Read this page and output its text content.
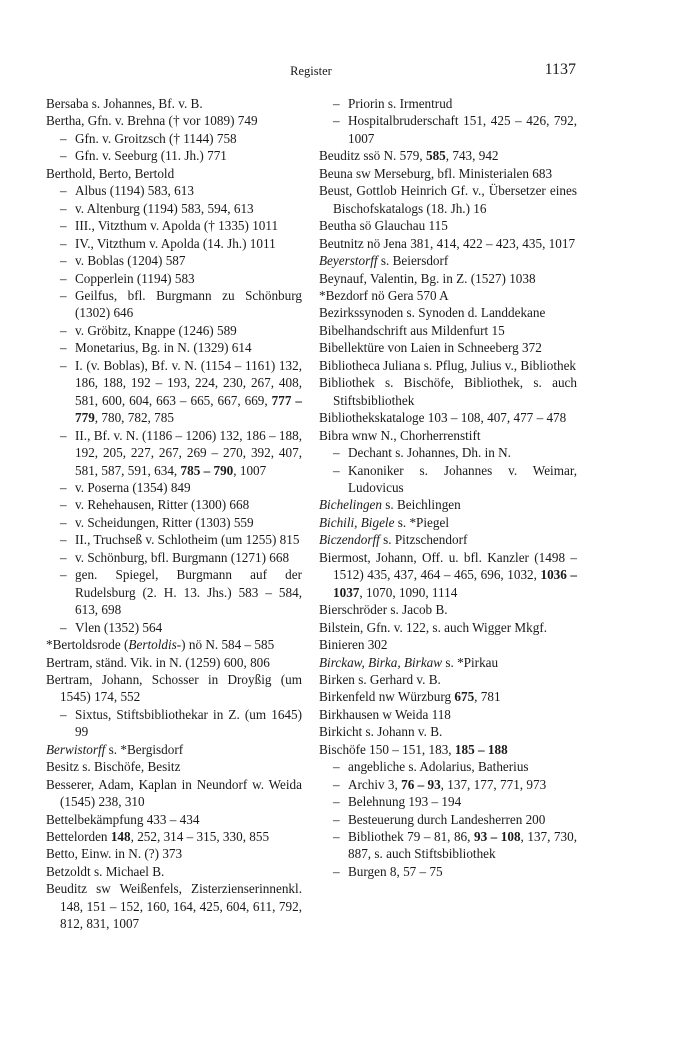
Register	1137
Bersaba s. Johannes, Bf. v. B.
Bertha, Gfn. v. Brehna († vor 1089) 749
– Gfn. v. Groitzsch († 1144) 758
– Gfn. v. Seeburg (11. Jh.) 771
Berthold, Berto, Bertold
– Albus (1194) 583, 613
– v. Altenburg (1194) 583, 594, 613
– III., Vitzthum v. Apolda († 1335) 1011
– IV., Vitzthum v. Apolda (14. Jh.) 1011
– v. Boblas (1204) 587
– Copperlein (1194) 583
– Geilfus, bfl. Burgmann zu Schönburg (1302) 646
– v. Gröbitz, Knappe (1246) 589
– Monetarius, Bg. in N. (1329) 614
– I. (v. Boblas), Bf. v. N. (1154 – 1161) 132, 186, 188, 192 – 193, 224, 230, 267, 408, 581, 600, 604, 663 – 665, 667, 669, 777 – 779, 780, 782, 785
– II., Bf. v. N. (1186 – 1206) 132, 186 – 188, 192, 205, 227, 267, 269 – 270, 392, 407, 581, 587, 591, 634, 785 – 790, 1007
– v. Poserna (1354) 849
– v. Rehehausen, Ritter (1300) 668
– v. Scheidungen, Ritter (1303) 559
– II., Truchseß v. Schlotheim (um 1255) 815
– v. Schönburg, bfl. Burgmann (1271) 668
– gen. Spiegel, Burgmann auf der Rudelsburg (2. H. 13. Jhs.) 583 – 584, 613, 698
– Vlen (1352) 564
*Bertoldsrode (Bertoldis-) nö N. 584 – 585
Bertram, ständ. Vik. in N. (1259) 600, 806
Bertram, Johann, Schosser in Droyßig (um 1545) 174, 552
– Sixtus, Stiftsbibliothekar in Z. (um 1645) 99
Berwistorff s. *Bergisdorf
Besitz s. Bischöfe, Besitz
Besserer, Adam, Kaplan in Neundorf w. Weida (1545) 238, 310
Bettelbekämpfung 433 – 434
Bettelorden 148, 252, 314 – 315, 330, 855
Betto, Einw. in N. (?) 373
Betzoldt s. Michael B.
Beuditz sw Weißenfels, Zisterzienserinnenkl. 148, 151 – 152, 160, 164, 425, 604, 611, 792, 812, 831, 1007
– Priorin s. Irmentrud
– Hospitalbruderschaft 151, 425 – 426, 792, 1007
Beuditz ssö N. 579, 585, 743, 942
Beuna sw Merseburg, bfl. Ministerialen 683
Beust, Gottlob Heinrich Gf. v., Übersetzer eines Bischofskatalogs (18. Jh.) 16
Beutha sö Glauchau 115
Beutnitz nö Jena 381, 414, 422 – 423, 435, 1017
Beyerstorff s. Beiersdorf
Beynauf, Valentin, Bg. in Z. (1527) 1038
*Bezdorf nö Gera 570 A
Bezirkssynoden s. Synoden d. Landdekane
Bibelhandschrift aus Mildenfurt 15
Bibellektüre von Laien in Schneeberg 372
Bibliotheca Juliana s. Pflug, Julius v., Bibliothek
Bibliothek s. Bischöfe, Bibliothek, s. auch Stiftsbibliothek
Bibliothekskataloge 103 – 108, 407, 477 – 478
Bibra wnw N., Chorherrenstift
– Dechant s. Johannes, Dh. in N.
– Kanoniker s. Johannes v. Weimar, Ludovicus
Bichelingen s. Beichlingen
Bichili, Bigele s. *Piegel
Biczendorff s. Pitzschendorf
Biermost, Johann, Off. u. bfl. Kanzler (1498 – 1512) 435, 437, 464 – 465, 696, 1032, 1036 – 1037, 1070, 1090, 1114
Bierschröder s. Jacob B.
Bilstein, Gfn. v. 122, s. auch Wigger Mkgf.
Binieren 302
Birckaw, Birka, Birkaw s. *Pirkau
Birken s. Gerhard v. B.
Birkenfeld nw Würzburg 675, 781
Birkhausen w Weida 118
Birkicht s. Johann v. B.
Bischöfe 150 – 151, 183, 185 – 188
– angebliche s. Adolarius, Batherius
– Archiv 3, 76 – 93, 137, 177, 771, 973
– Belehnung 193 – 194
– Besteuerung durch Landesherren 200
– Bibliothek 79 – 81, 86, 93 – 108, 137, 730, 887, s. auch Stiftsbibliothek
– Burgen 8, 57 – 75
